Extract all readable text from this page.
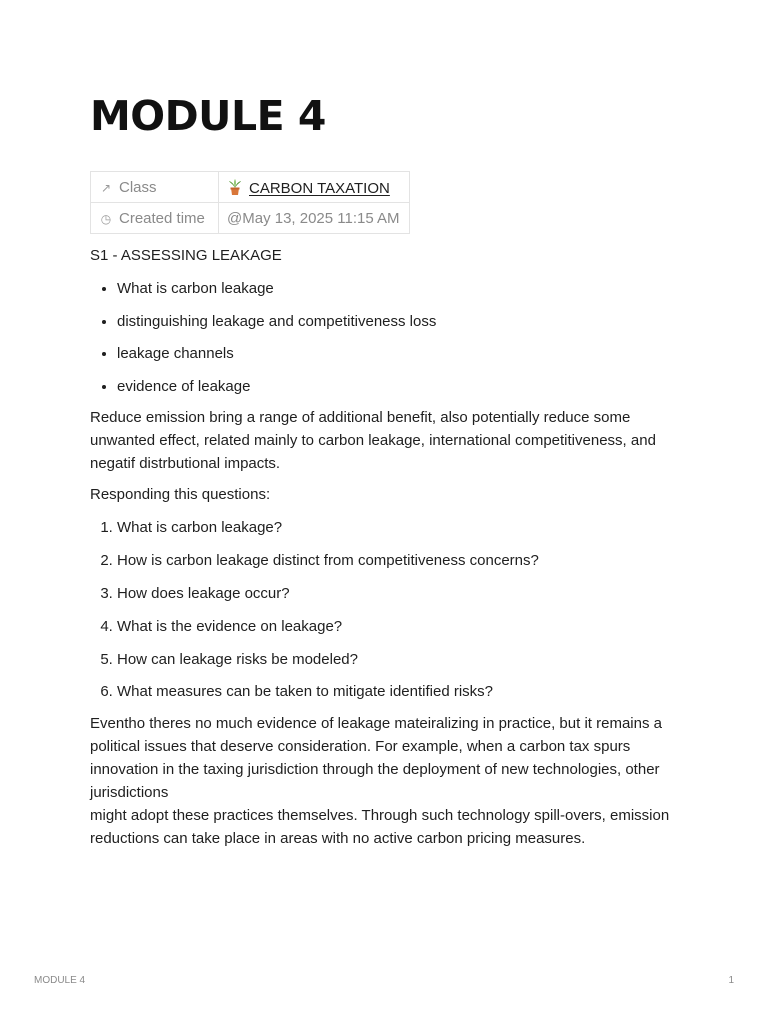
MODULE 4
↗ Class	CARBON TAXATION
◷ Created time	@May 13, 2025 11:15 AM

S1 - ASSESSING LEAKAGE

• What is carbon leakage
• distinguishing leakage and competitiveness loss
• leakage channels
• evidence of leakage

Reduce emission bring a range of additional benefit, also potentially reduce some unwanted effect, related mainly to carbon leakage, international competitiveness, and negatif distrbutional impacts.

Responding this questions:

1. What is carbon leakage?
2. How is carbon leakage distinct from competitiveness concerns?
3. How does leakage occur?
4. What is the evidence on leakage?
5. How can leakage risks be modeled?
6. What measures can be taken to mitigate identified risks?

Eventho theres no much evidence of leakage mateiralizing in practice, but it remains a political issues that deserve consideration. For example, when a carbon tax spurs innovation in the taxing jurisdiction through the deployment of new technologies, other jurisdictions

might adopt these practices themselves. Through such technology spill-overs, emission reductions can take place in areas with no active carbon pricing measures.

MODULE 4	1
